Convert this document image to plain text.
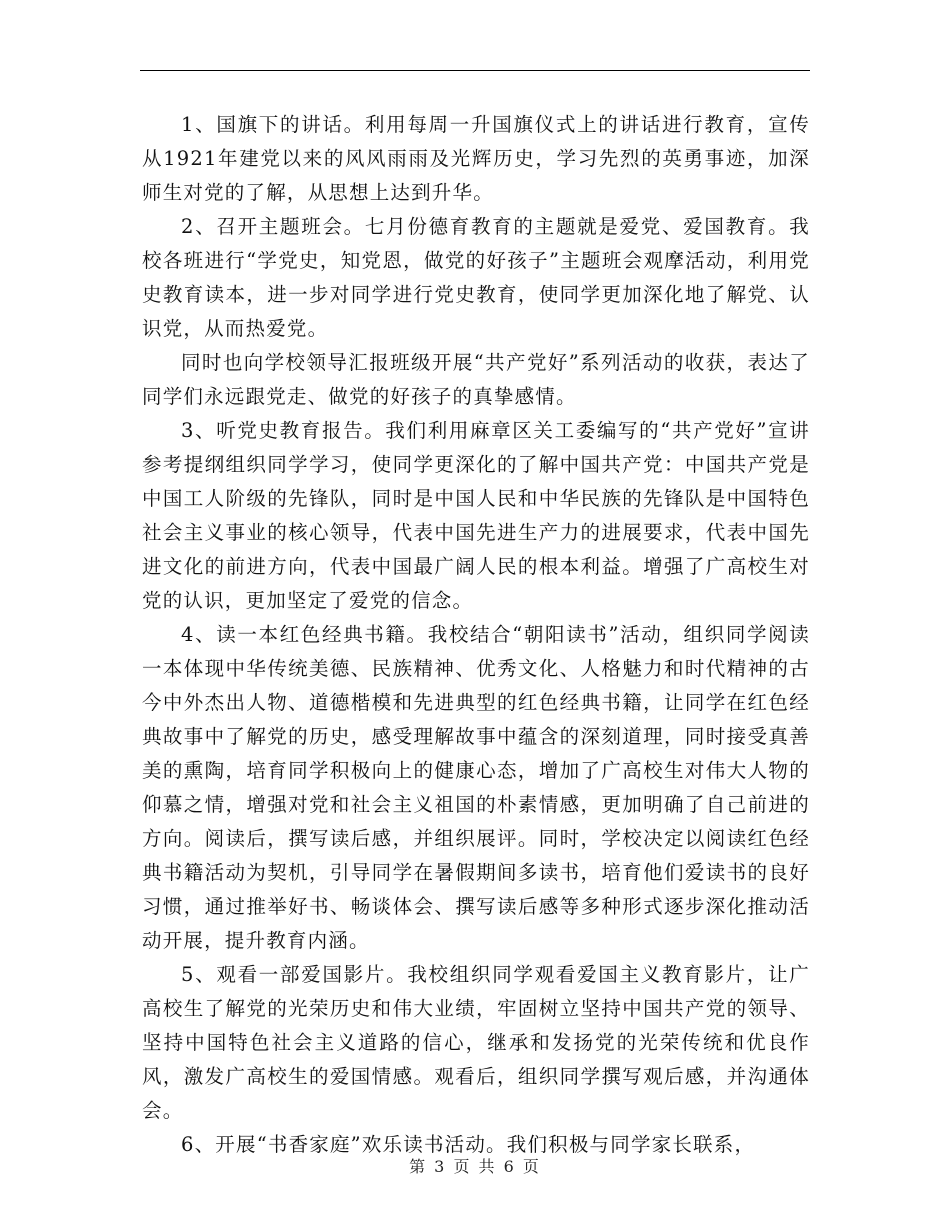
1、国旗下的讲话。利用每周一升国旗仪式上的讲话进行教育，宣传从1921年建党以来的风风雨雨及光辉历史，学习先烈的英勇事迹，加深师生对党的了解，从思想上达到升华。

2、召开主题班会。七月份德育教育的主题就是爱党、爱国教育。我校各班进行“学党史，知党恩，做党的好孩子”主题班会观摩活动，利用党史教育读本，进一步对同学进行党史教育，使同学更加深化地了解党、认识党，从而热爱党。

同时也向学校领导汇报班级开展“共产党好”系列活动的收获，表达了同学们永远跟党走、做党的好孩子的真挚感情。

3、听党史教育报告。我们利用麻章区关工委编写的“共产党好”宣讲参考提纲组织同学学习，使同学更深化的了解中国共产党：中国共产党是中国工人阶级的先锋队，同时是中国人民和中华民族的先锋队是中国特色社会主义事业的核心领导，代表中国先进生产力的进展要求，代表中国先进文化的前进方向，代表中国最广阔人民的根本利益。增强了广高校生对党的认识，更加坚定了爱党的信念。

4、读一本红色经典书籍。我校结合“朝阳读书”活动，组织同学阅读一本体现中华传统美德、民族精神、优秀文化、人格魅力和时代精神的古今中外杰出人物、道德楷模和先进典型的红色经典书籍，让同学在红色经典故事中了解党的历史，感受理解故事中蕴含的深刻道理，同时接受真善美的熏陶，培育同学积极向上的健康心态，增加了广高校生对伟大人物的仰慕之情，增强对党和社会主义祖国的朴素情感，更加明确了自己前进的方向。阅读后，撰写读后感，并组织展评。同时，学校决定以阅读红色经典书籍活动为契机，引导同学在暑假期间多读书，培育他们爱读书的良好习惯，通过推举好书、畅谈体会、撰写读后感等多种形式逐步深化推动活动开展，提升教育内涵。

5、观看一部爱国影片。我校组织同学观看爱国主义教育影片，让广高校生了解党的光荣历史和伟大业绩，牢固树立坚持中国共产党的领导、坚持中国特色社会主义道路的信心，继承和发扬党的光荣传统和优良作风，激发广高校生的爱国情感。观看后，组织同学撰写观后感，并沟通体会。

6、开展“书香家庭”欢乐读书活动。我们积极与同学家长联系，

第 3 页 共 6 页
